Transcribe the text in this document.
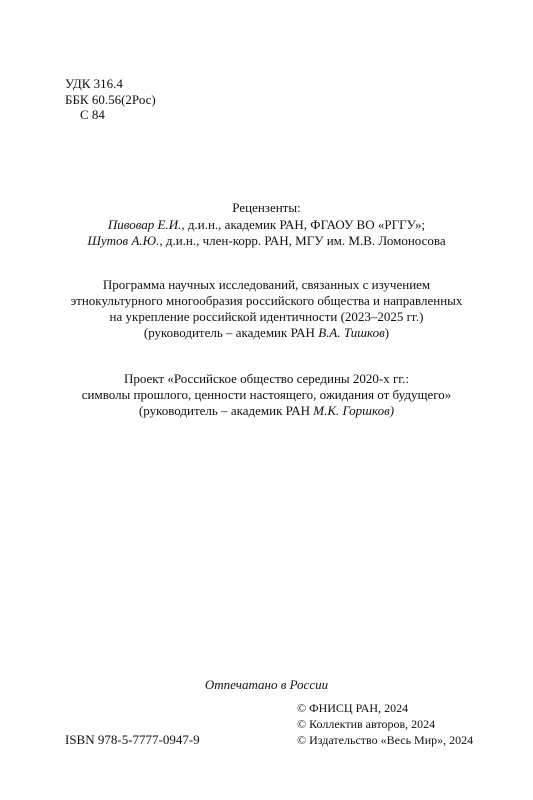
УДК 316.4
ББК 60.56(2Рос)
С 84
Рецензенты:
Пивовар Е.И., д.и.н., академик РАН, ФГАОУ ВО «РГГУ»;
Шутов А.Ю., д.и.н., член-корр. РАН, МГУ им. М.В. Ломоносова
Программа научных исследований, связанных с изучением
этнокультурного многообразия российского общества и направленных
на укрепление российской идентичности (2023–2025 гг.)
(руководитель – академик РАН В.А. Тишков)
Проект «Российское общество середины 2020-х гг.:
символы прошлого, ценности настоящего, ожидания от будущего»
(руководитель – академик РАН М.К. Горшков)
Отпечатано в России
ISBN 978-5-7777-0947-9
© ФНИСЦ РАН, 2024
© Коллектив авторов, 2024
© Издательство «Весь Мир», 2024
